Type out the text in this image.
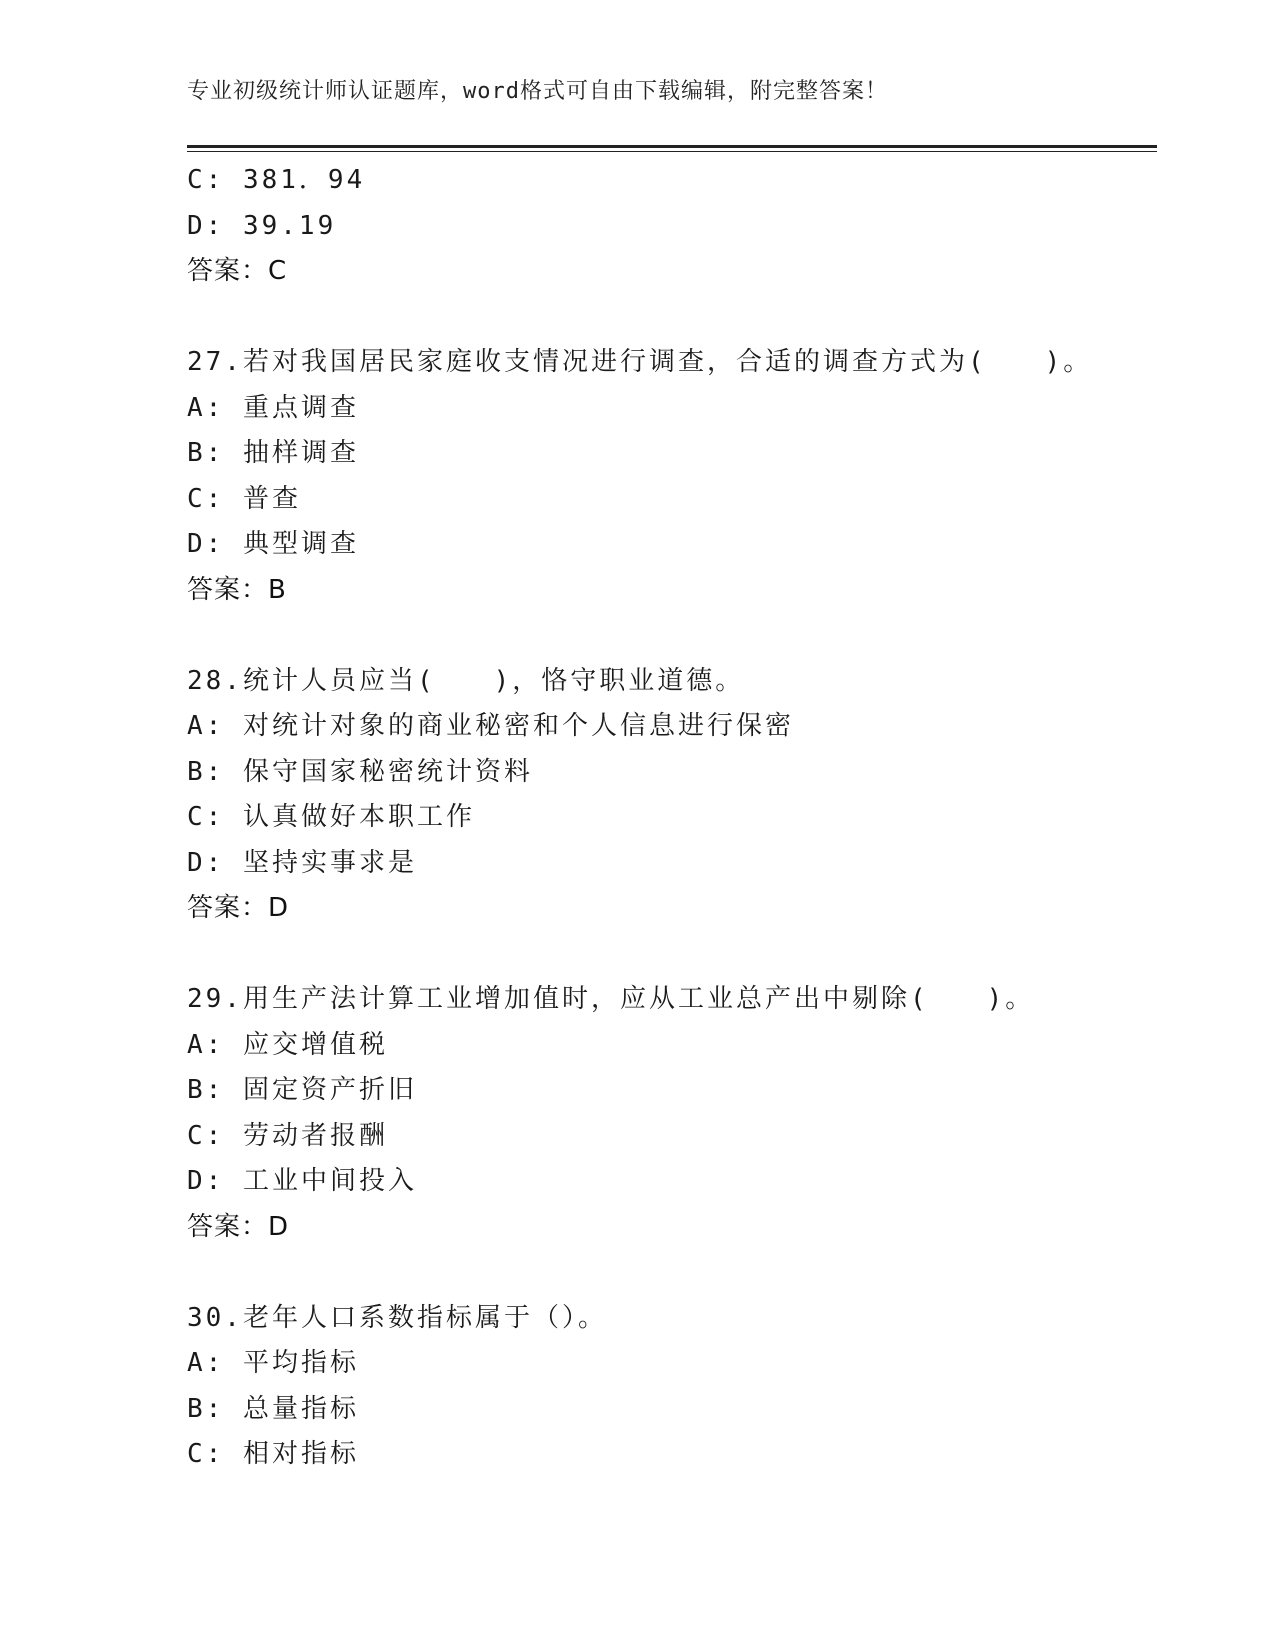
专业初级统计师认证题库，word格式可自由下载编辑，附完整答案！
C: 381．94
D: 39.19
答案：C
27.若对我国居民家庭收支情况进行调查，合适的调查方式为(　　)。
A: 重点调查
B: 抽样调查
C: 普查
D: 典型调查
答案：B
28.统计人员应当(　　)，恪守职业道德。
A: 对统计对象的商业秘密和个人信息进行保密
B: 保守国家秘密统计资料
C: 认真做好本职工作
D: 坚持实事求是
答案：D
29.用生产法计算工业增加值时，应从工业总产出中剔除(　　)。
A: 应交增值税
B: 固定资产折旧
C: 劳动者报酬
D: 工业中间投入
答案：D
30.老年人口系数指标属于（）。
A: 平均指标
B: 总量指标
C: 相对指标
